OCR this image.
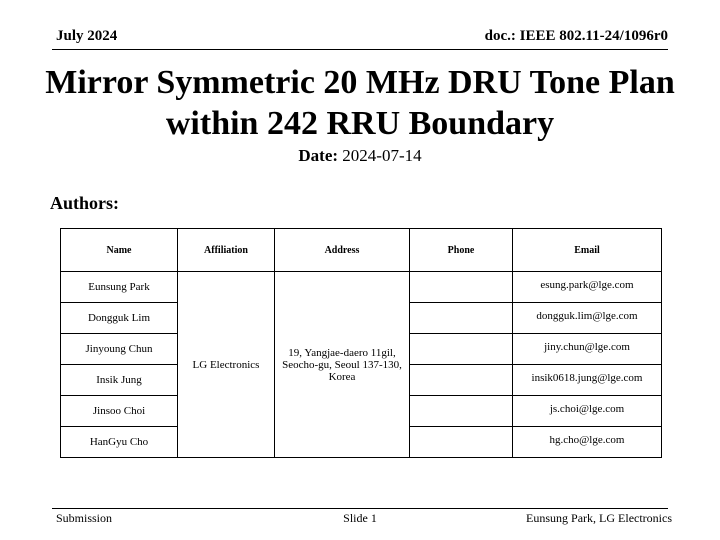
July 2024	doc.: IEEE 802.11-24/1096r0
Mirror Symmetric 20 MHz DRU Tone Plan
within 242 RRU Boundary
Date: 2024-07-14
Authors:
Name	Affiliation	Address	Phone	Email
Eunsung Park	LG Electronics	19, Yangjae-daero 11gil, Seocho-gu, Seoul 137-130, Korea		esung.park@lge.com
Dongguk Lim				dongguk.lim@lge.com
Jinyoung Chun				jiny.chun@lge.com
Insik Jung				insik0618.jung@lge.com
Jinsoo Choi				js.choi@lge.com
HanGyu Cho				hg.cho@lge.com
Submission	Slide 1	Eunsung Park, LG Electronics
